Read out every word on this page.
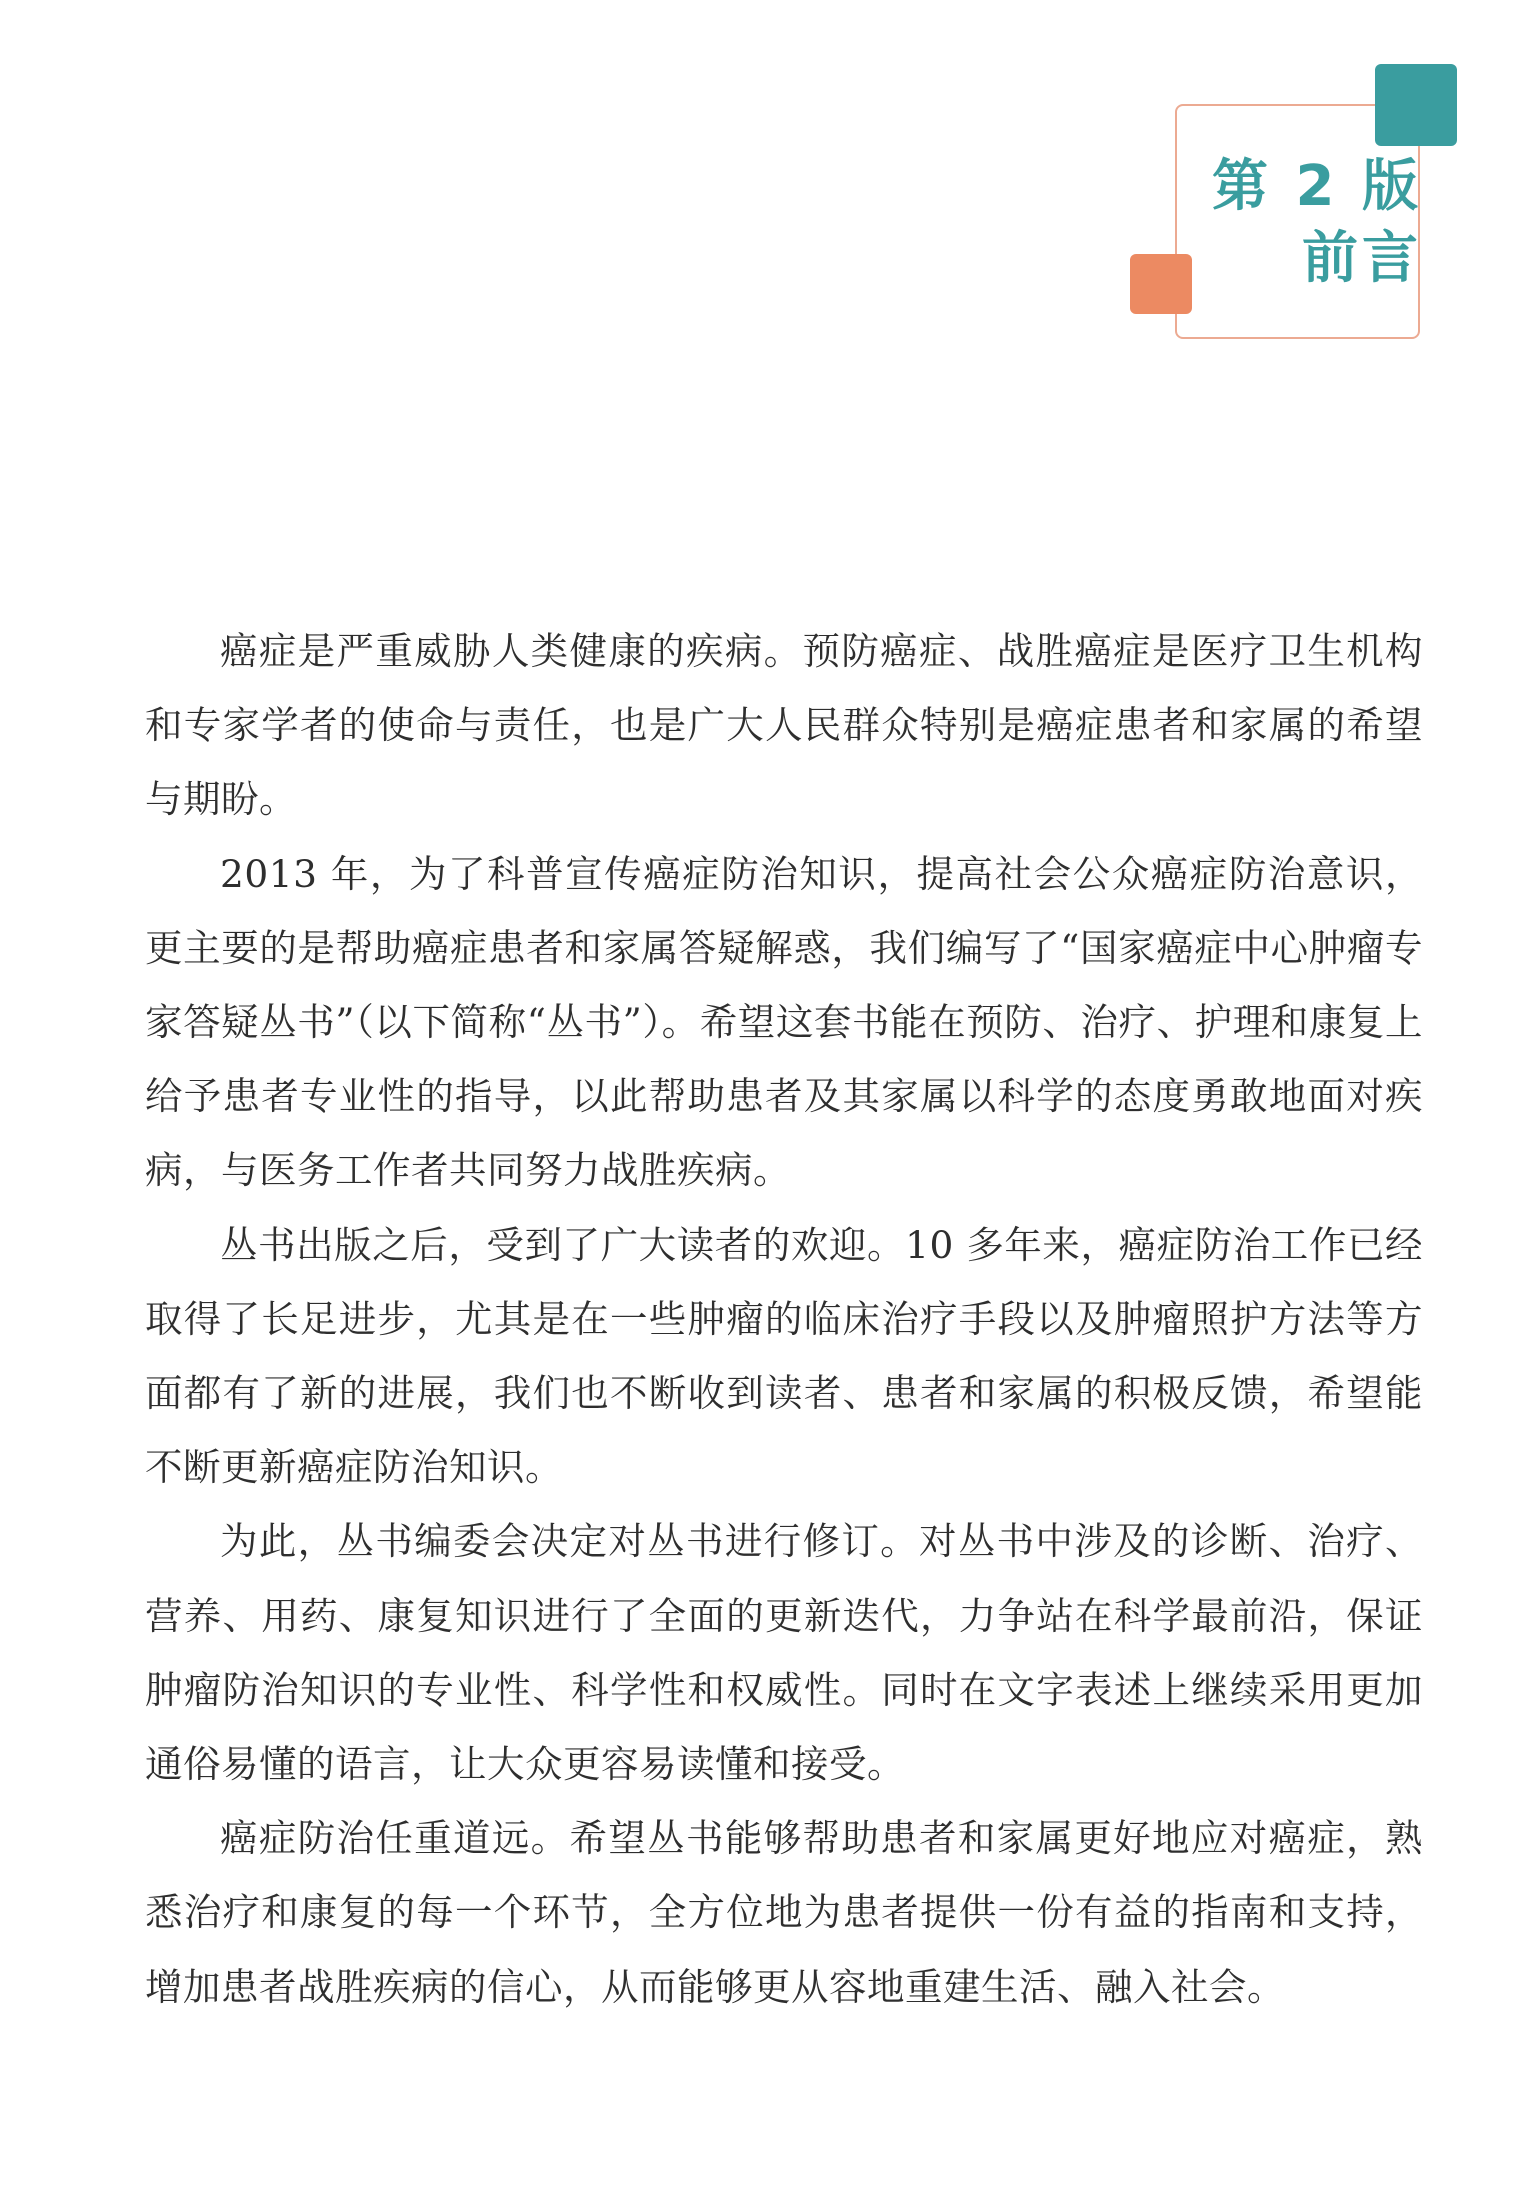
第 2 版
前言

癌症是严重威胁人类健康的疾病。预防癌症、战胜癌症是医疗卫生机构和专家学者的使命与责任，也是广大人民群众特别是癌症患者和家属的希望与期盼。

2013 年，为了科普宣传癌症防治知识，提高社会公众癌症防治意识，更主要的是帮助癌症患者和家属答疑解惑，我们编写了“国家癌症中心肿瘤专家答疑丛书”（以下简称“丛书”）。希望这套书能在预防、治疗、护理和康复上给予患者专业性的指导，以此帮助患者及其家属以科学的态度勇敢地面对疾病，与医务工作者共同努力战胜疾病。

丛书出版之后，受到了广大读者的欢迎。10 多年来，癌症防治工作已经取得了长足进步，尤其是在一些肿瘤的临床治疗手段以及肿瘤照护方法等方面都有了新的进展，我们也不断收到读者、患者和家属的积极反馈，希望能不断更新癌症防治知识。

为此，丛书编委会决定对丛书进行修订。对丛书中涉及的诊断、治疗、营养、用药、康复知识进行了全面的更新迭代，力争站在科学最前沿，保证肿瘤防治知识的专业性、科学性和权威性。同时在文字表述上继续采用更加通俗易懂的语言，让大众更容易读懂和接受。

癌症防治任重道远。希望丛书能够帮助患者和家属更好地应对癌症，熟悉治疗和康复的每一个环节，全方位地为患者提供一份有益的指南和支持，增加患者战胜疾病的信心，从而能够更从容地重建生活、融入社会。
